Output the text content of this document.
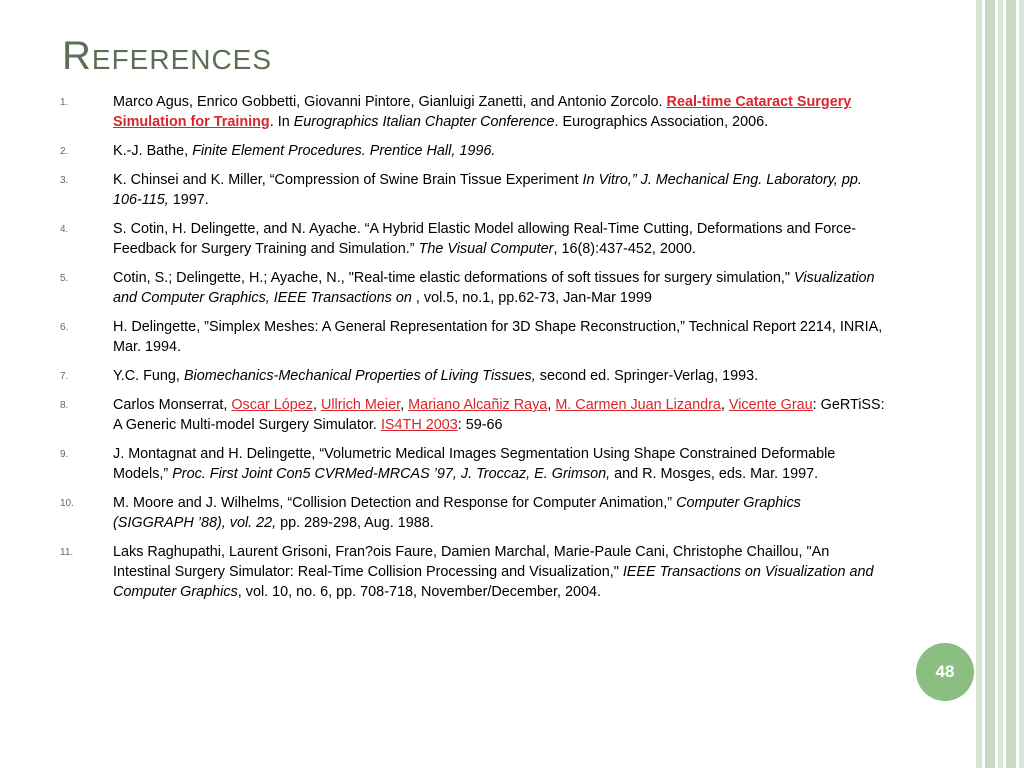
References
1.	Marco Agus, Enrico Gobbetti, Giovanni Pintore, Gianluigi Zanetti, and Antonio Zorcolo. Real-time Cataract Surgery Simulation for Training. In Eurographics Italian Chapter Conference. Eurographics Association, 2006.
2.	K.-J. Bathe, Finite Element Procedures. Prentice Hall, 1996.
3.	K. Chinsei and K. Miller, “Compression of Swine Brain Tissue Experiment In Vitro,” J. Mechanical Eng. Laboratory, pp. 106-115, 1997.
4.	S. Cotin, H. Delingette, and N. Ayache. “A Hybrid Elastic Model allowing Real-Time Cutting, Deformations and Force-Feedback for Surgery Training and Simulation.” The Visual Computer, 16(8):437-452, 2000.
5.	Cotin, S.; Delingette, H.; Ayache, N., "Real-time elastic deformations of soft tissues for surgery simulation," Visualization and Computer Graphics, IEEE Transactions on , vol.5, no.1, pp.62-73, Jan-Mar 1999
6.	H. Delingette, ”Simplex Meshes: A General Representation for 3D Shape Reconstruction,” Technical Report 2214, INRIA, Mar. 1994.
7.	Y.C. Fung, Biomechanics-Mechanical Properties of Living Tissues, second ed. Springer-Verlag, 1993.
8.	Carlos Monserrat, Oscar López, Ullrich Meier, Mariano Alcañiz Raya, M. Carmen Juan Lizandra, Vicente Grau: GeRTiSS: A Generic Multi-model Surgery Simulator. IS4TH 2003: 59-66
9.	J. Montagnat and H. Delingette, “Volumetric Medical Images Segmentation Using Shape Constrained Deformable Models,” Proc. First Joint Con5 CVRMed-MRCAS ’97, J. Troccaz, E. Grimson, and R. Mosges, eds. Mar. 1997.
10.	M. Moore and J. Wilhelms, “Collision Detection and Response for Computer Animation,” Computer Graphics (SIGGRAPH ’88), vol. 22, pp. 289-298, Aug. 1988.
11.	Laks Raghupathi, Laurent Grisoni, Fran?ois Faure, Damien Marchal, Marie-Paule Cani, Christophe Chaillou, "An Intestinal Surgery Simulator: Real-Time Collision Processing and Visualization," IEEE Transactions on Visualization and Computer Graphics, vol. 10, no. 6, pp. 708-718, November/December, 2004.
48
